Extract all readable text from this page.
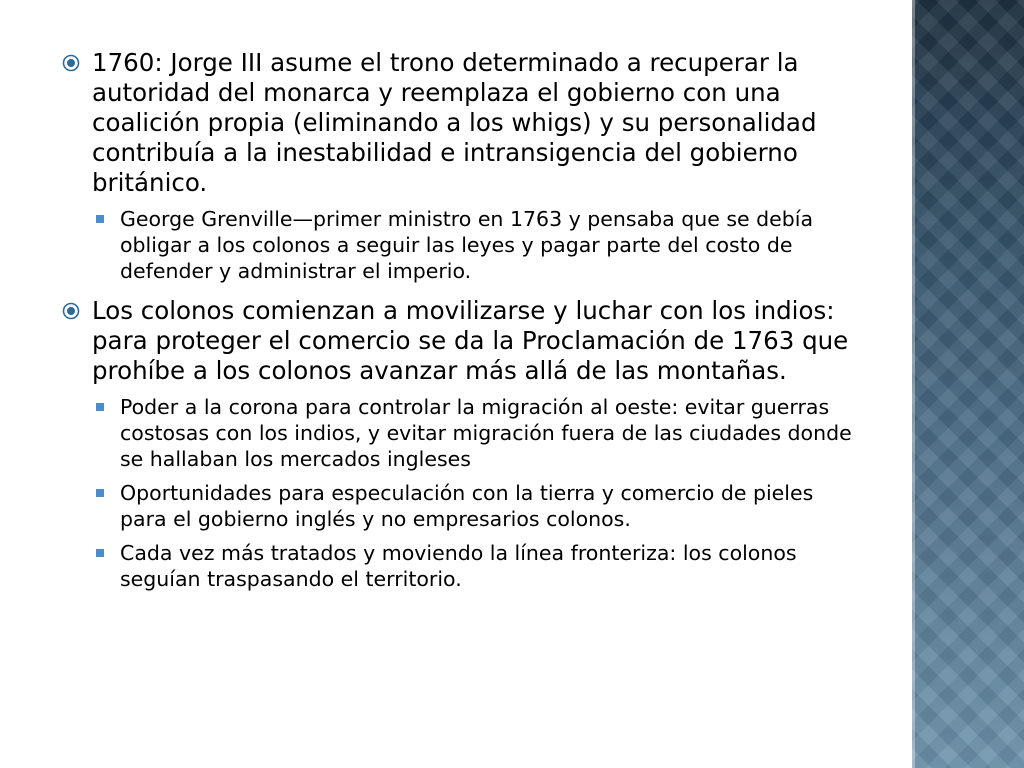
1760: Jorge III asume el trono determinado a recuperar la autoridad del monarca y reemplaza el gobierno con una coalición propia (eliminando a los whigs) y su personalidad contribuía a la inestabilidad e intransigencia del gobierno británico.
George Grenville—primer ministro en 1763 y pensaba que se debía obligar a los colonos a seguir las leyes y pagar parte del costo de defender y administrar el imperio.
Los colonos comienzan a movilizarse y luchar con los indios: para proteger el comercio se da la Proclamación de 1763 que prohíbe a los colonos avanzar más allá de las montañas.
Poder a la corona para controlar la migración al oeste: evitar guerras costosas con los indios, y evitar migración fuera de las ciudades donde se hallaban los mercados ingleses
Oportunidades para especulación con la tierra y comercio de pieles para el gobierno inglés y no empresarios colonos.
Cada vez más tratados y moviendo la línea fronteriza: los colonos seguían traspasando el territorio.
